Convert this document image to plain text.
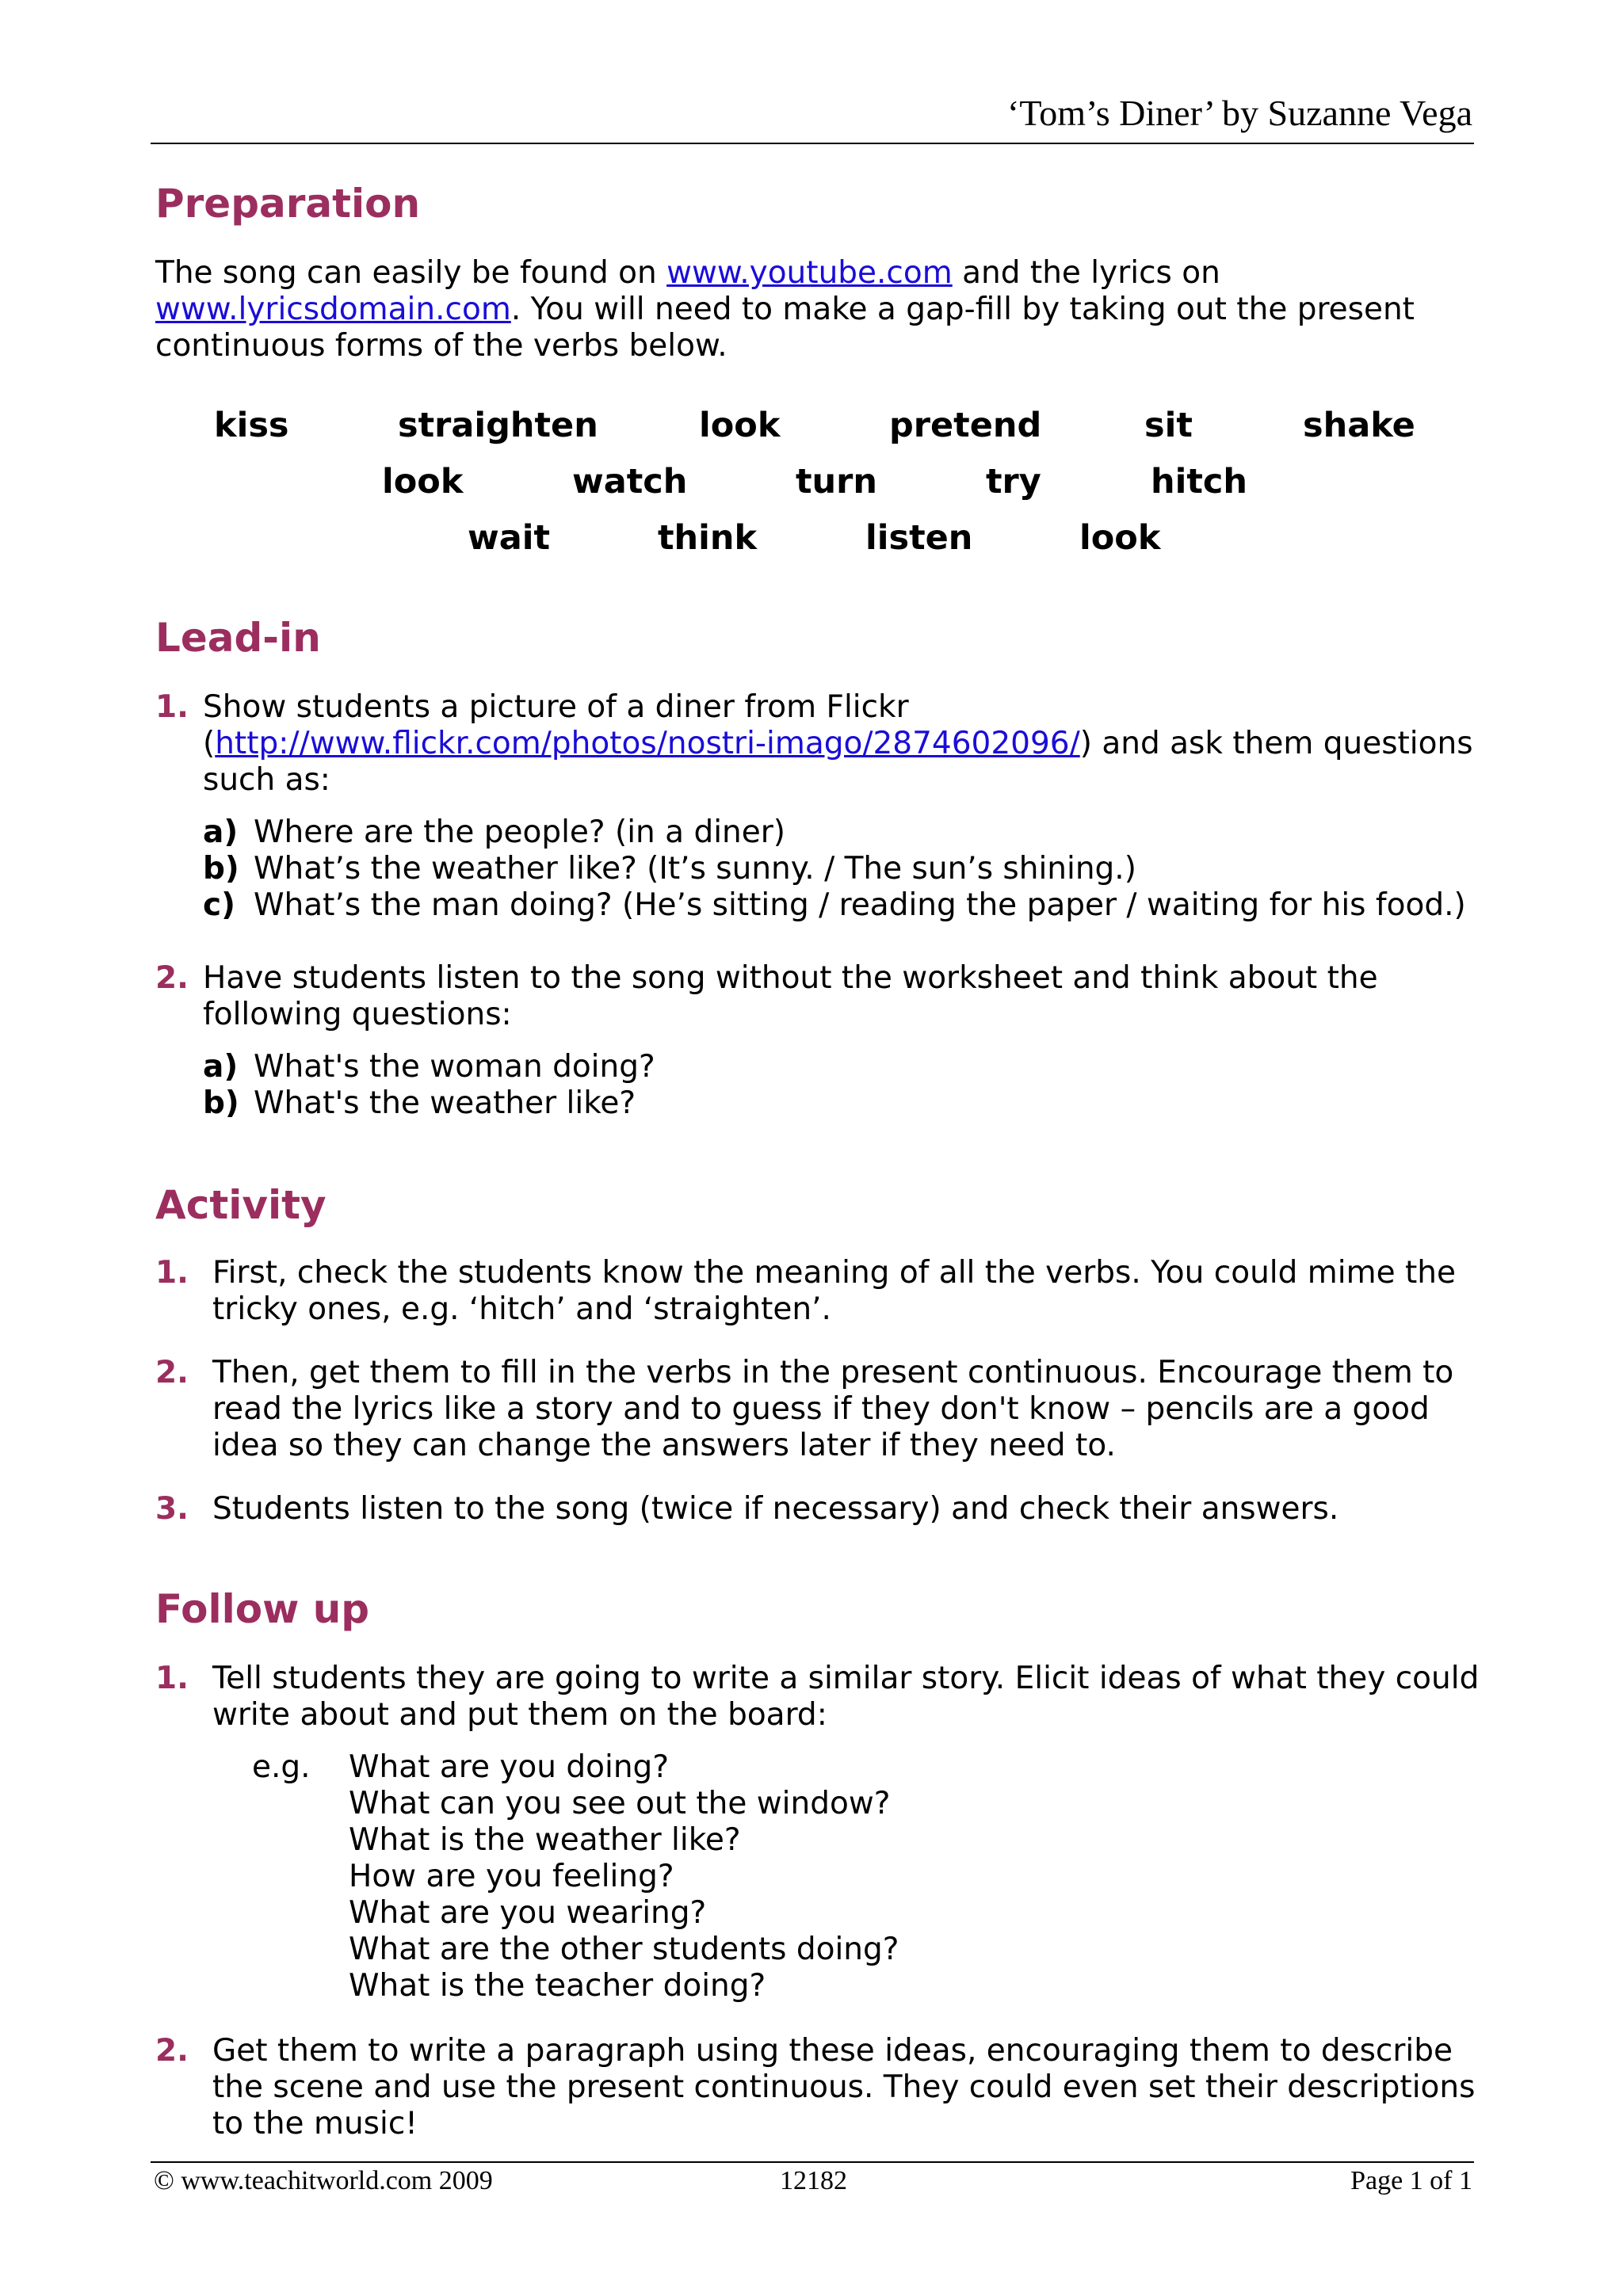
‘Tom’s Diner’ by Suzanne Vega
Preparation

The song can easily be found on www.youtube.com and the lyrics on

www.lyricsdomain.com. You will need to make a gap-fill by taking out the present

continuous forms of the verbs below.

kiss	straighten	look	pretend	sit	shake
look	watch	turn	try	hitch
wait	think	listen	look
Lead-in
1. Show students a picture of a diner from Flickr

(http://www.flickr.com/photos/nostri-imago/2874602096/) and ask them questions

such as:

a) Where are the people? (in a diner)

b) What’s the weather like? (It’s sunny. / The sun’s shining.)

c) What’s the man doing? (He’s sitting / reading the paper / waiting for his food.)

2. Have students listen to the song without the worksheet and think about the

following questions:

a) What's the woman doing?

b) What's the weather like?

Activity
1. First, check the students know the meaning of all the verbs. You could mime the

tricky ones, e.g. ‘hitch’ and ‘straighten’.

2. Then, get them to fill in the verbs in the present continuous. Encourage them to

read the lyrics like a story and to guess if they don't know – pencils are a good

idea so they can change the answers later if they need to.

3. Students listen to the song (twice if necessary) and check their answers.

Follow up
1. Tell students they are going to write a similar story. Elicit ideas of what they could

write about and put them on the board:

e.g. What are you doing?

What can you see out the window?

What is the weather like?

How are you feeling?

What are you wearing?

What are the other students doing?

What is the teacher doing?

2. Get them to write a paragraph using these ideas, encouraging them to describe

the scene and use the present continuous. They could even set their descriptions

to the music!

© www.teachitworld.com 2009	12182	Page 1 of 1
